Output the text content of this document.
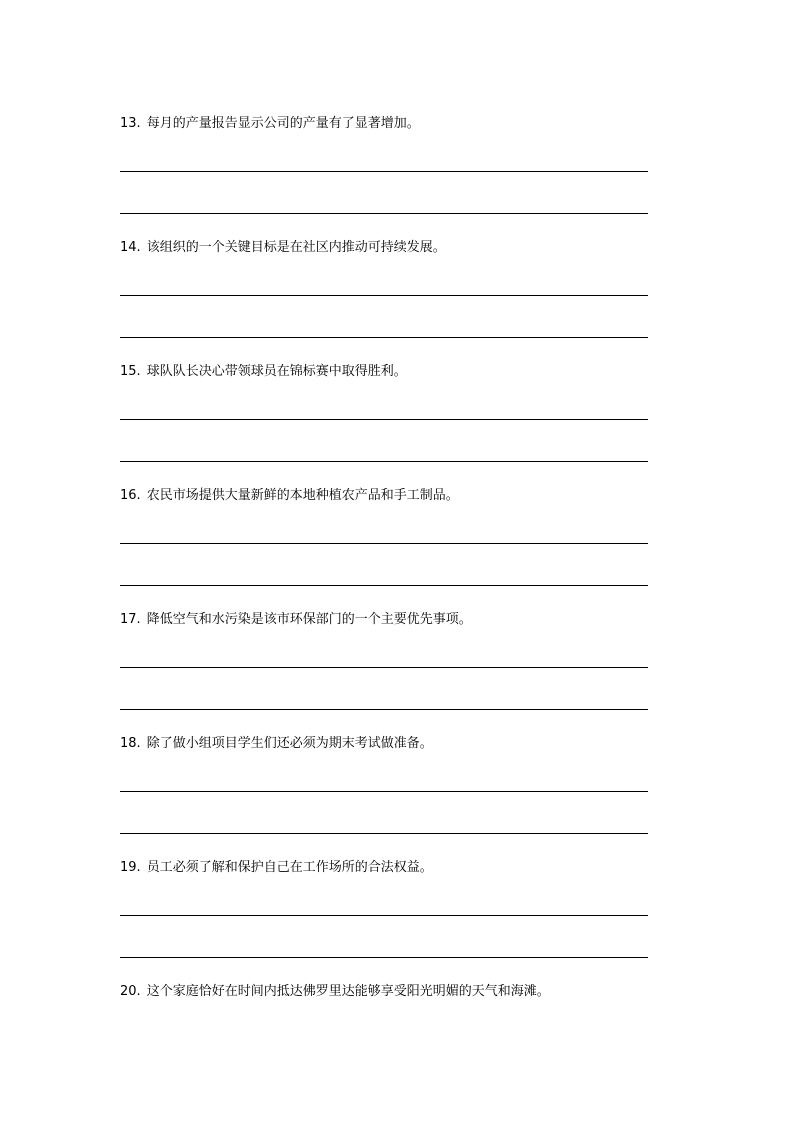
13. 每月的产量报告显示公司的产量有了显著增加。
14. 该组织的一个关键目标是在社区内推动可持续发展。
15. 球队队长决心带领球员在锦标赛中取得胜利。
16. 农民市场提供大量新鲜的本地种植农产品和手工制品。
17. 降低空气和水污染是该市环保部门的一个主要优先事项。
18. 除了做小组项目学生们还必须为期末考试做准备。
19. 员工必须了解和保护自己在工作场所的合法权益。
20. 这个家庭恰好在时间内抵达佛罗里达能够享受阳光明媚的天气和海滩。
